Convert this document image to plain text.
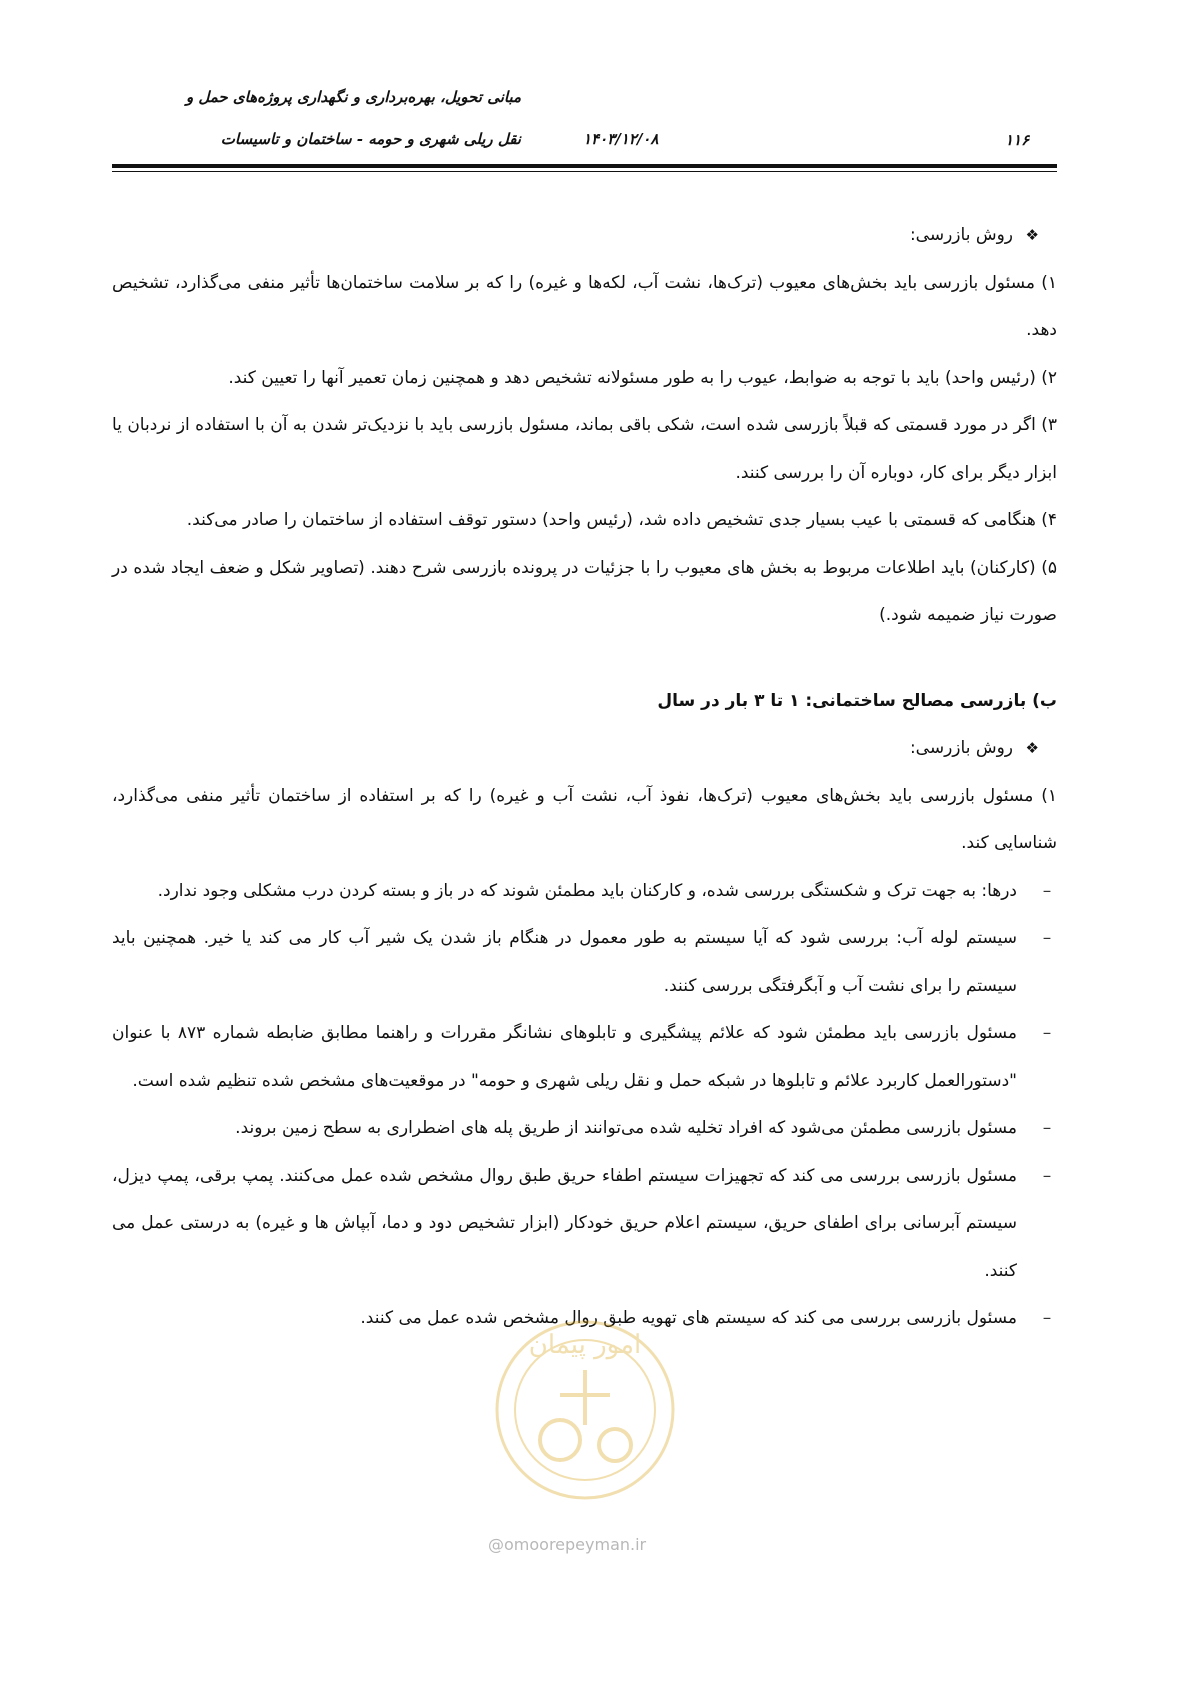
مبانی تحویل، بهره‌برداری و نگهداری پروژه‌های حمل و
نقل ریلی شهری و حومه - ساختمان و تاسیسات	۱۴۰۳/۱۲/۰۸	۱۱۶

❖روش بازرسی:

۱) مسئول بازرسی باید بخش‌های معیوب (ترک‌ها، نشت آب، لکه‌ها و غیره) را که بر سلامت ساختمان‌ها تأثیر منفی می‌گذارد، تشخیص دهد.

۲) (رئیس واحد) باید با توجه به ضوابط، عیوب را به طور مسئولانه تشخیص دهد و همچنین زمان تعمیر آنها را تعیین کند.

۳) اگر در مورد قسمتی که قبلاً بازرسی شده است، شکی باقی بماند، مسئول بازرسی باید با نزدیک‌تر شدن به آن با استفاده از نردبان یا ابزار دیگر برای کار، دوباره آن را بررسی کنند.

۴) هنگامی که قسمتی با عیب بسیار جدی تشخیص داده شد، (رئیس واحد) دستور توقف استفاده از ساختمان را صادر می‌کند.

۵) (کارکنان) باید اطلاعات مربوط به بخش های معیوب را با جزئیات در پرونده بازرسی شرح دهند. (تصاویر شکل و ضعف ایجاد شده در صورت نیاز ضمیمه شود.)

ب) بازرسی مصالح ساختمانی: ۱ تا ۳ بار در سال

❖روش بازرسی:

۱) مسئول بازرسی باید بخش‌های معیوب (ترک‌ها، نفوذ آب، نشت آب و غیره) را که بر استفاده از ساختمان تأثیر منفی می‌گذارد، شناسایی کند.

–
درها: به جهت ترک و شکستگی بررسی شده، و کارکنان باید مطمئن شوند که در باز و بسته کردن درب مشکلی وجود ندارد.
–
سیستم لوله آب: بررسی شود که آیا سیستم به طور معمول در هنگام باز شدن یک شیر آب کار می کند یا خیر. همچنین باید سیستم را برای نشت آب و آبگرفتگی بررسی کنند.
–
مسئول بازرسی باید مطمئن شود که علائم پیشگیری و تابلوهای نشانگر مقررات و راهنما مطابق ضابطه شماره ۸۷۳ با عنوان "دستورالعمل کاربرد علائم و تابلوها در شبکه حمل و نقل ریلی شهری و حومه" در موقعیت‌های مشخص شده تنظیم شده است.
–
مسئول بازرسی مطمئن می‌شود که افراد تخلیه شده می‌توانند از طریق پله های اضطراری به سطح زمین بروند.
–
مسئول بازرسی بررسی می کند که تجهیزات سیستم اطفاء حریق طبق روال مشخص شده عمل می‌کنند. پمپ برقی، پمپ دیزل، سیستم آبرسانی برای اطفای حریق، سیستم اعلام حریق خودکار (ابزار تشخیص دود و دما، آبپاش ها و غیره) به درستی عمل می کنند.
–
مسئول بازرسی بررسی می کند که سیستم های تهویه طبق روال مشخص شده عمل می کنند.
امور پیمان
@omoorepeyman.ir
